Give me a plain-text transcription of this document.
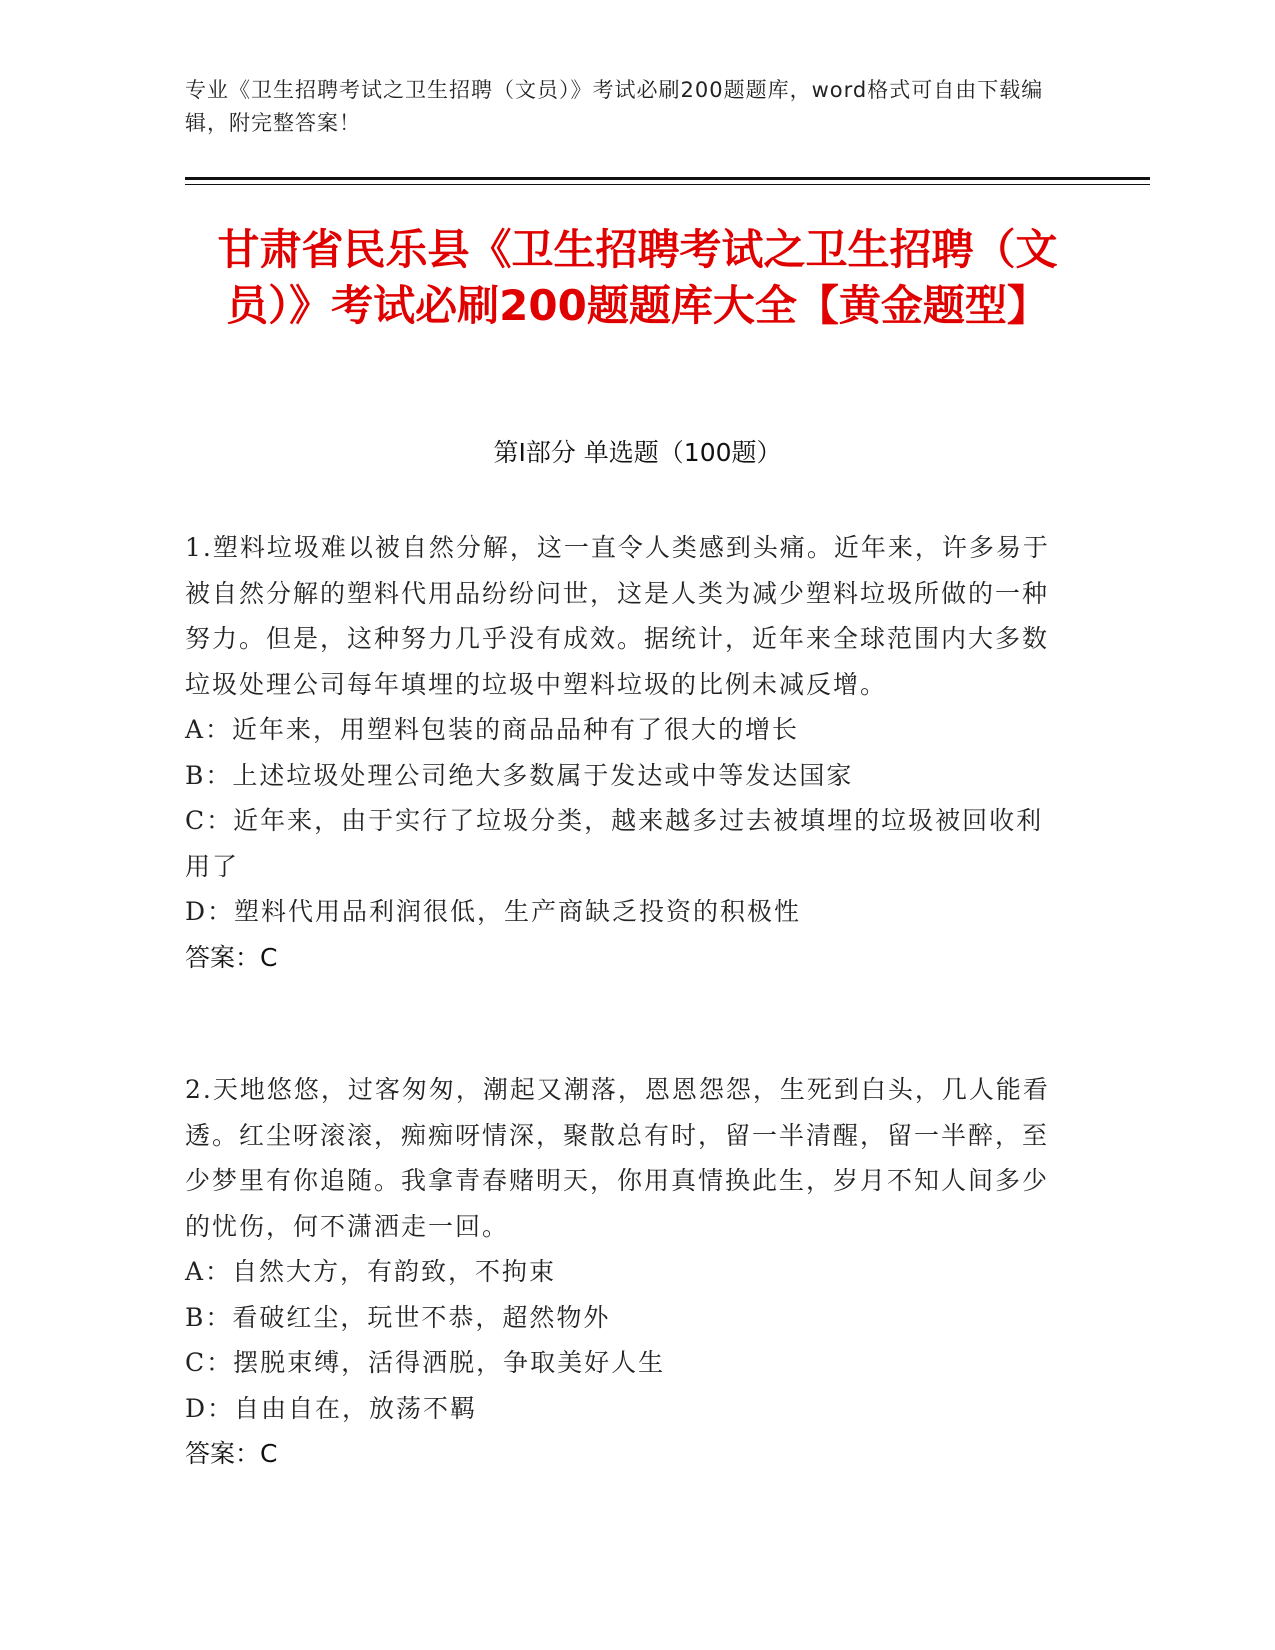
专业《卫生招聘考试之卫生招聘（文员）》考试必刷200题题库，word格式可自由下载编辑，附完整答案！
甘肃省民乐县《卫生招聘考试之卫生招聘（文员）》考试必刷200题题库大全【黄金题型】
第Ⅰ部分 单选题（100题）
1.塑料垃圾难以被自然分解，这一直令人类感到头痛。近年来，许多易于被自然分解的塑料代用品纷纷问世，这是人类为减少塑料垃圾所做的一种努力。但是，这种努力几乎没有成效。据统计，近年来全球范围内大多数垃圾处理公司每年填埋的垃圾中塑料垃圾的比例未减反增。
A：近年来，用塑料包装的商品品种有了很大的增长
B：上述垃圾处理公司绝大多数属于发达或中等发达国家
C：近年来，由于实行了垃圾分类，越来越多过去被填埋的垃圾被回收利用了
D：塑料代用品利润很低，生产商缺乏投资的积极性
答案：C
2.天地悠悠，过客匆匆，潮起又潮落，恩恩怨怨，生死到白头，几人能看透。红尘呀滚滚，痴痴呀情深，聚散总有时，留一半清醒，留一半醉，至少梦里有你追随。我拿青春赌明天，你用真情换此生，岁月不知人间多少的忧伤，何不潇洒走一回。
A：自然大方，有韵致，不拘束
B：看破红尘，玩世不恭，超然物外
C：摆脱束缚，活得洒脱，争取美好人生
D：自由自在，放荡不羁
答案：C
